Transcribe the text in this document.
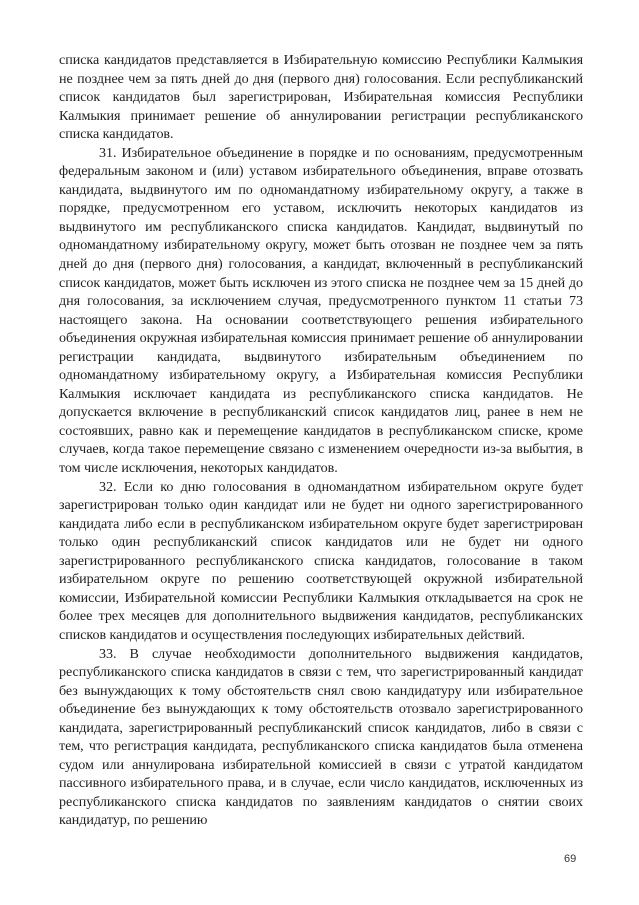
списка кандидатов представляется в Избирательную комиссию Республики Калмыкия не позднее чем за пять дней до дня (первого дня) голосования. Если республиканский список кандидатов был зарегистрирован, Избирательная комиссия Республики Калмыкия принимает решение об аннулировании регистрации республиканского списка кандидатов.

31. Избирательное объединение в порядке и по основаниям, предусмотренным федеральным законом и (или) уставом избирательного объединения, вправе отозвать кандидата, выдвинутого им по одномандатному избирательному округу, а также в порядке, предусмотренном его уставом, исключить некоторых кандидатов из выдвинутого им республиканского списка кандидатов. Кандидат, выдвинутый по одномандатному избирательному округу, может быть отозван не позднее чем за пять дней до дня (первого дня) голосования, а кандидат, включенный в республиканский список кандидатов, может быть исключен из этого списка не позднее чем за 15 дней до дня голосования, за исключением случая, предусмотренного пунктом 11 статьи 73 настоящего закона. На основании соответствующего решения избирательного объединения окружная избирательная комиссия принимает решение об аннулировании регистрации кандидата, выдвинутого избирательным объединением по одномандатному избирательному округу, а Избирательная комиссия Республики Калмыкия исключает кандидата из республиканского списка кандидатов. Не допускается включение в республиканский список кандидатов лиц, ранее в нем не состоявших, равно как и перемещение кандидатов в республиканском списке, кроме случаев, когда такое перемещение связано с изменением очередности из-за выбытия, в том числе исключения, некоторых кандидатов.

32. Если ко дню голосования в одномандатном избирательном округе будет зарегистрирован только один кандидат или не будет ни одного зарегистрированного кандидата либо если в республиканском избирательном округе будет зарегистрирован только один республиканский список кандидатов или не будет ни одного зарегистрированного республиканского списка кандидатов, голосование в таком избирательном округе по решению соответствующей окружной избирательной комиссии, Избирательной комиссии Республики Калмыкия откладывается на срок не более трех месяцев для дополнительного выдвижения кандидатов, республиканских списков кандидатов и осуществления последующих избирательных действий.

33. В случае необходимости дополнительного выдвижения кандидатов, республиканского списка кандидатов в связи с тем, что зарегистрированный кандидат без вынуждающих к тому обстоятельств снял свою кандидатуру или избирательное объединение без вынуждающих к тому обстоятельств отозвало зарегистрированного кандидата, зарегистрированный республиканский список кандидатов, либо в связи с тем, что регистрация кандидата, республиканского списка кандидатов была отменена судом или аннулирована избирательной комиссией в связи с утратой кандидатом пассивного избирательного права, и в случае, если число кандидатов, исключенных из республиканского списка кандидатов по заявлениям кандидатов о снятии своих кандидатур, по решению

69
